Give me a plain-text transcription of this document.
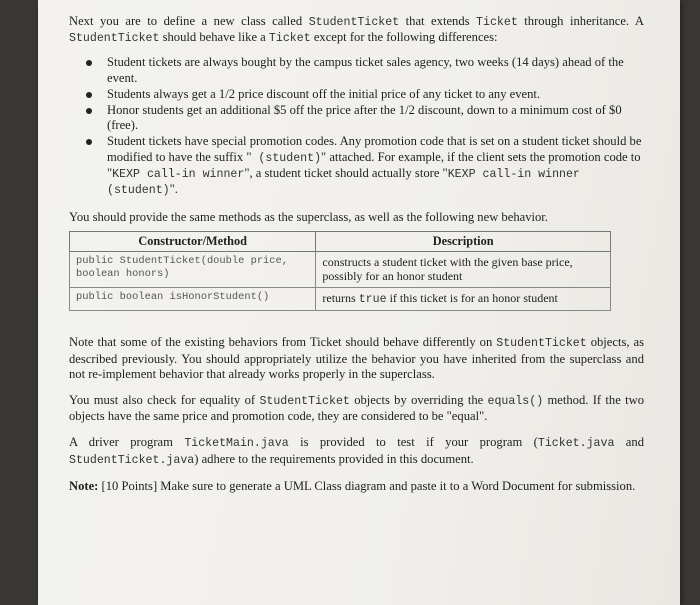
Next you are to define a new class called StudentTicket that extends Ticket through inheritance. A StudentTicket should behave like a Ticket except for the following differences:

Student tickets are always bought by the campus ticket sales agency, two weeks (14 days) ahead of the event.
Students always get a 1/2 price discount off the initial price of any ticket to any event.
Honor students get an additional $5 off the price after the 1/2 discount, down to a minimum cost of $0 (free).
Student tickets have special promotion codes. Any promotion code that is set on a student ticket should be modified to have the suffix " (student)" attached. For example, if the client sets the promotion code to "KEXP call-in winner", a student ticket should actually store "KEXP call-in winner (student)".

You should provide the same methods as the superclass, as well as the following new behavior.

Constructor/Method	Description
public StudentTicket(double price, boolean honors)	constructs a student ticket with the given base price, possibly for an honor student
public boolean isHonorStudent()	returns true if this ticket is for an honor student

Note that some of the existing behaviors from Ticket should behave differently on StudentTicket objects, as described previously. You should appropriately utilize the behavior you have inherited from the superclass and not re-implement behavior that already works properly in the superclass.

You must also check for equality of StudentTicket objects by overriding the equals() method. If the two objects have the same price and promotion code, they are considered to be "equal".

A driver program TicketMain.java is provided to test if your program (Ticket.java and StudentTicket.java) adhere to the requirements provided in this document.

Note: [10 Points] Make sure to generate a UML Class diagram and paste it to a Word Document for submission.
